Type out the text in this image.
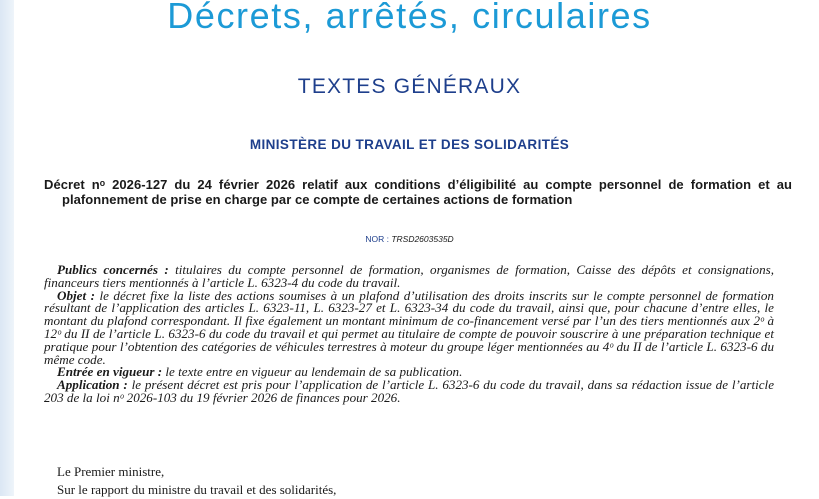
Décrets, arrêtés, circulaires
TEXTES GÉNÉRAUX
MINISTÈRE DU TRAVAIL ET DES SOLIDARITÉS
Décret nᵒ 2026-127 du 24 février 2026 relatif aux conditions d’éligibilité au compte personnel de formation et au plafonnement de prise en charge par ce compte de certaines actions de formation
NOR : TRSD2603535D

Publics concernés : titulaires du compte personnel de formation, organismes de formation, Caisse des dépôts et consignations, financeurs tiers mentionnés à l’article L. 6323-4 du code du travail.

Objet : le décret fixe la liste des actions soumises à un plafond d’utilisation des droits inscrits sur le compte personnel de formation résultant de l’application des articles L. 6323-11, L. 6323-27 et L. 6323-34 du code du travail, ainsi que, pour chacune d’entre elles, le montant du plafond correspondant. Il fixe également un montant minimum de co-financement versé par l’un des tiers mentionnés aux 2ᵒ à 12ᵒ du II de l’article L. 6323-6 du code du travail et qui permet au titulaire de compte de pouvoir souscrire à une préparation technique et pratique pour l’obtention des catégories de véhicules terrestres à moteur du groupe léger mentionnées au 4ᵒ du II de l’article L. 6323-6 du même code.

Entrée en vigueur : le texte entre en vigueur au lendemain de sa publication.

Application : le présent décret est pris pour l’application de l’article L. 6323-6 du code du travail, dans sa rédaction issue de l’article 203 de la loi nᵒ 2026-103 du 19 février 2026 de finances pour 2026.

Le Premier ministre,

Sur le rapport du ministre du travail et des solidarités,
